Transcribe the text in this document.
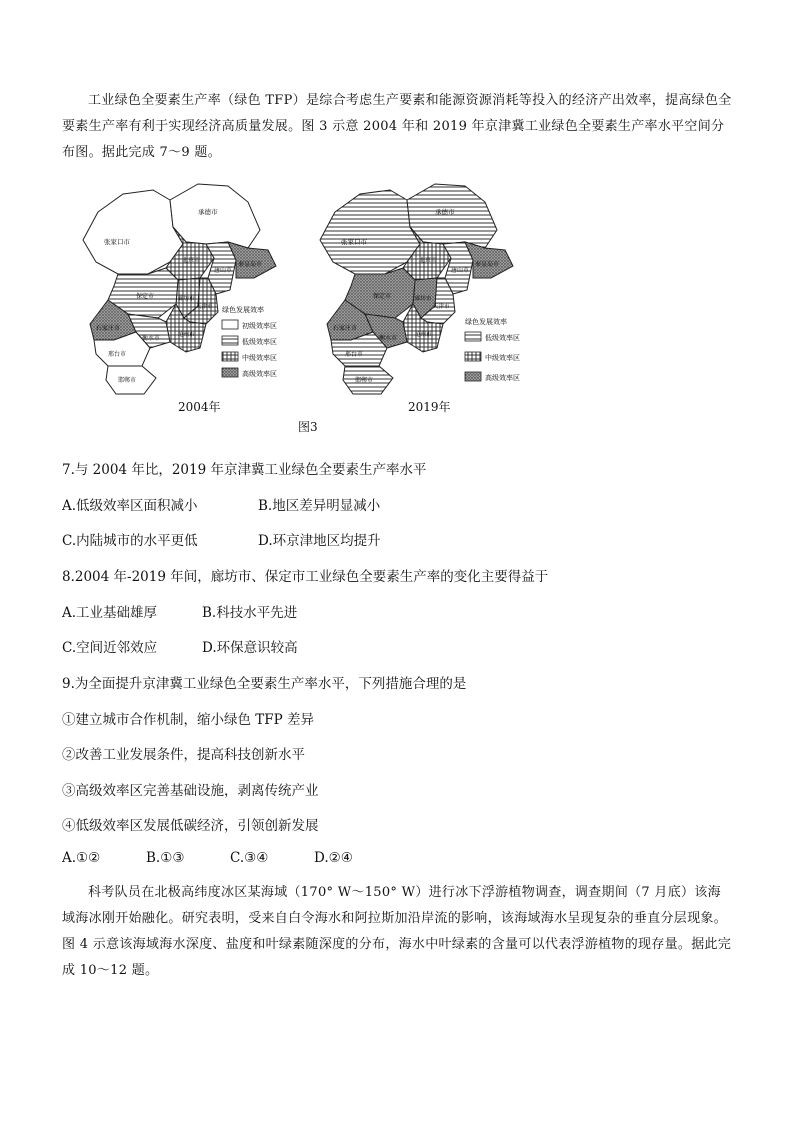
工业绿色全要素生产率（绿色 TFP）是综合考虑生产要素和能源资源消耗等投入的经济产出效率，提高绿色全要素生产率有利于实现经济高质量发展。图 3 示意 2004 年和 2019 年京津冀工业绿色全要素生产率水平空间分布图。据此完成 7～9 题。

张家口市
承德市
北京市
唐山市
秦皇岛市
廊坊市
天津市
保定市
沧州市
石家庄市
衡水市
邢台市
邯郸市
绿色发展效率
初级效率区
低级效率区
中级效率区
高级效率区
张家口市
承德市
北京市
唐山市
秦皇岛市
廊坊市
天津市
保定市
沧州市
石家庄市
衡水市
邢台市
邯郸市
绿色发展效率
低级效率区
中级效率区
高级效率区
2004年	2019年
图3
7.与 2004 年比，2019 年京津冀工业绿色全要素生产率水平
A.低级效率区面积减小	B.地区差异明显减小
C.内陆城市的水平更低	D.环京津地区均提升
8.2004 年-2019 年间，廊坊市、保定市工业绿色全要素生产率的变化主要得益于
A.工业基础雄厚	B.科技水平先进
C.空间近邻效应	D.环保意识较高
9.为全面提升京津冀工业绿色全要素生产率水平，下列措施合理的是
①建立城市合作机制，缩小绿色 TFP 差异
②改善工业发展条件，提高科技创新水平
③高级效率区完善基础设施，剥离传统产业
④低级效率区发展低碳经济，引领创新发展
A.①②	B.①③	C.③④	D.②④

科考队员在北极高纬度冰区某海域（170° W～150° W）进行冰下浮游植物调查，调查期间（7 月底）该海域海冰刚开始融化。研究表明，受来自白令海水和阿拉斯加沿岸流的影响，该海域海水呈现复杂的垂直分层现象。图 4 示意该海域海水深度、盐度和叶绿素随深度的分布，海水中叶绿素的含量可以代表浮游植物的现存量。据此完成 10～12 题。
